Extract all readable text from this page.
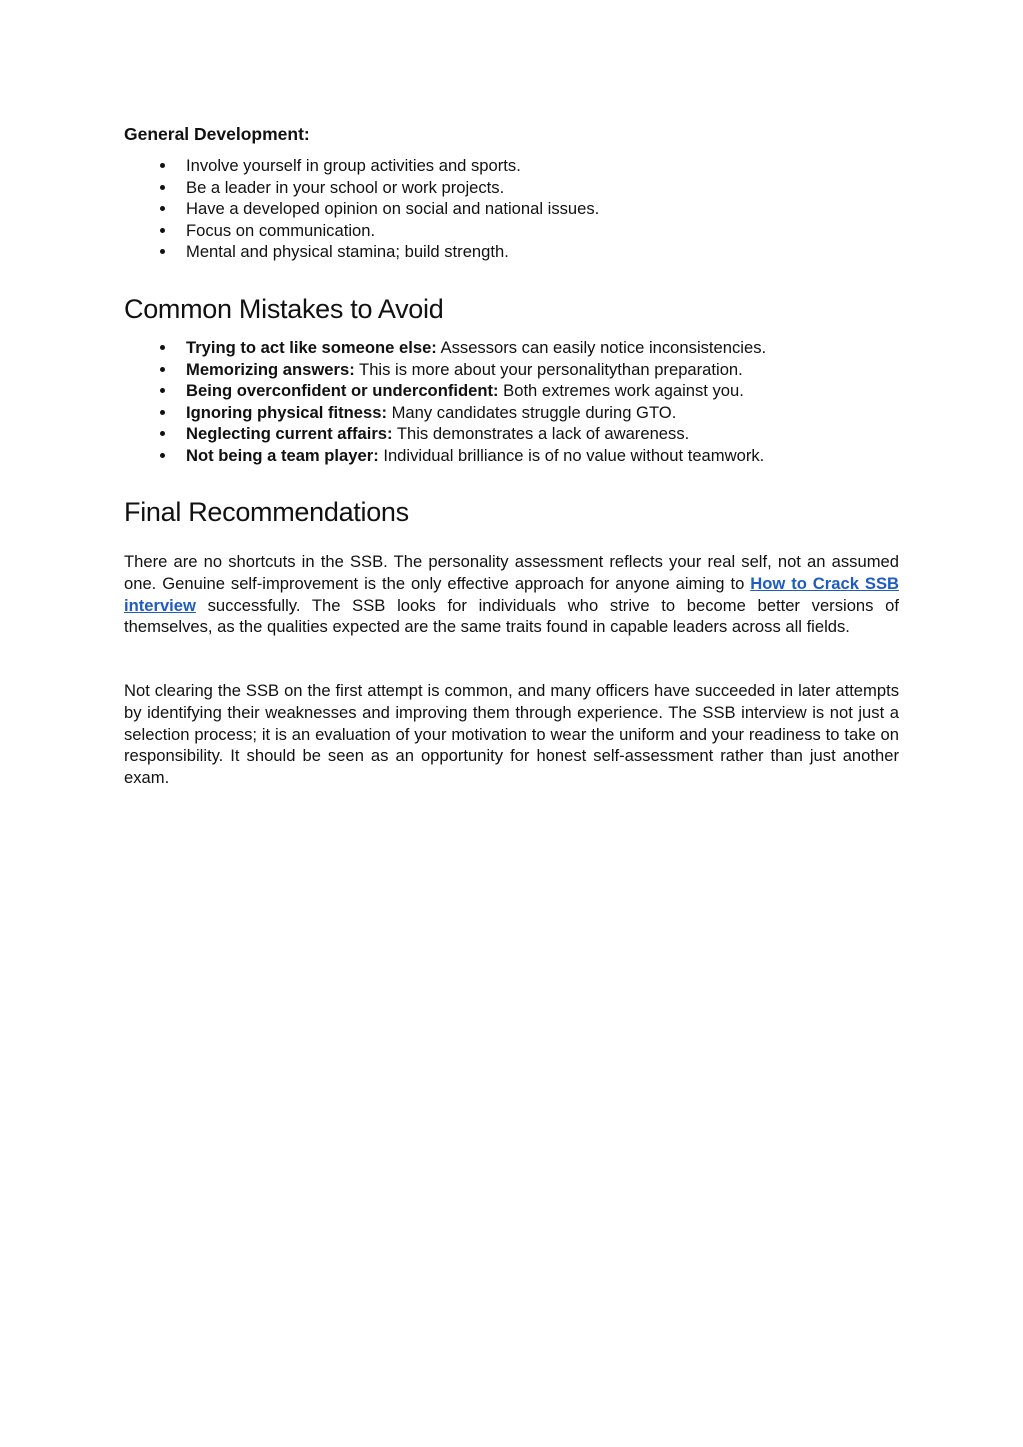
General Development:

Involve yourself in group activities and sports.
Be a leader in your school or work projects.
Have a developed opinion on social and national issues.
Focus on communication.
Mental and physical stamina; build strength.
Common Mistakes to Avoid
Trying to act like someone else: Assessors can easily notice inconsistencies.
Memorizing answers: This is more about your personalitythan preparation.
Being overconfident or underconfident: Both extremes work against you.
Ignoring physical fitness: Many candidates struggle during GTO.
Neglecting current affairs: This demonstrates a lack of awareness.
Not being a team player: Individual brilliance is of no value without teamwork.
Final Recommendations

There are no shortcuts in the SSB. The personality assessment reflects your real self, not an assumed one. Genuine self-improvement is the only effective approach for anyone aiming to How to Crack SSB interview successfully. The SSB looks for individuals who strive to become better versions of themselves, as the qualities expected are the same traits found in capable leaders across all fields.

Not clearing the SSB on the first attempt is common, and many officers have succeeded in later attempts by identifying their weaknesses and improving them through experience. The SSB interview is not just a selection process; it is an evaluation of your motivation to wear the uniform and your readiness to take on responsibility. It should be seen as an opportunity for honest self-assessment rather than just another exam.
